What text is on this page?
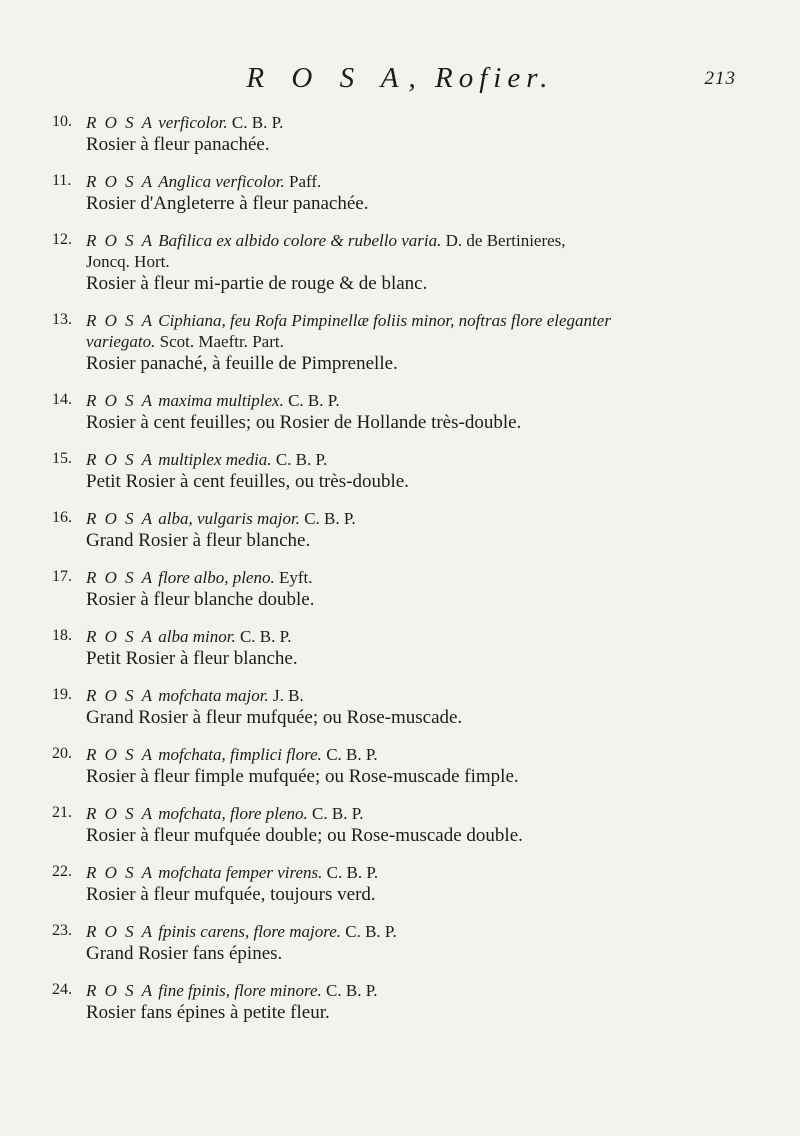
R O S A, Rofier.	213
10. R O S A verficolor. C. B. P.
Rosier à fleur panachée.
11. R O S A Anglica verficolor. Paff.
Rosier d'Angleterre à fleur panachée.
12. R O S A Bafilica ex albido colore & rubello varia. D. de Bertinieres,
Joncq. Hort.
Rosier à fleur mi-partie de rouge & de blanc.
13. R O S A Ciphiana, feu Rofa Pimpinellæ foliis minor, noftras flore eleganter
variegato. Scot. Maeftr. Part.
Rosier panaché, à feuille de Pimprenelle.
14. R O S A maxima multiplex. C. B. P.
Rosier à cent feuilles; ou Rosier de Hollande très-double.
15. R O S A multiplex media. C. B. P.
Petit Rosier à cent feuilles, ou très-double.
16. R O S A alba, vulgaris major. C. B. P.
Grand Rosier à fleur blanche.
17. R O S A flore albo, pleno. Eyft.
Rosier à fleur blanche double.
18. R O S A alba minor. C. B. P.
Petit Rosier à fleur blanche.
19. R O S A mofchata major. J. B.
Grand Rosier à fleur mufquée; ou Rose-muscade.
20. R O S A mofchata, fimplici flore. C. B. P.
Rosier à fleur fimple mufquée; ou Rose-muscade fimple.
21. R O S A mofchata, flore pleno. C. B. P.
Rosier à fleur mufquée double; ou Rose-muscade double.
22. R O S A mofchata femper virens. C. B. P.
Rosier à fleur mufquée, toujours verd.
23. R O S A fpinis carens, flore majore. C. B. P.
Grand Rosier fans épines.
24. R O S A fine fpinis, flore minore. C. B. P.
Rosier fans épines à petite fleur.
